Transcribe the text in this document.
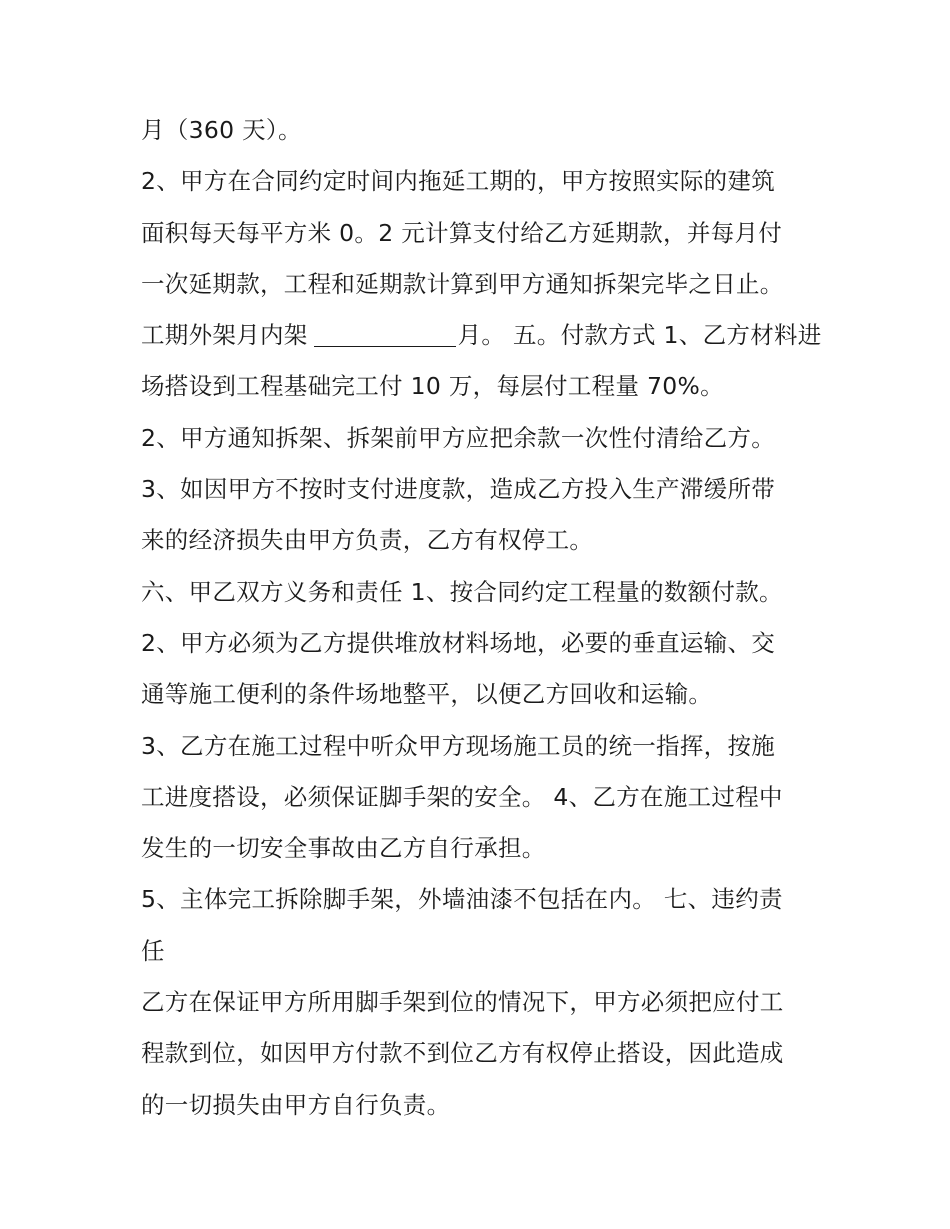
月（360 天）。
2、甲方在合同约定时间内拖延工期的，甲方按照实际的建筑
面积每天每平方米 0。2 元计算支付给乙方延期款，并每月付
一次延期款，工程和延期款计算到甲方通知拆架完毕之日止。
工期外架月内架	月。 五。付款方式 1、乙方材料进
场搭设到工程基础完工付 10 万，每层付工程量 70%。
2、甲方通知拆架、拆架前甲方应把余款一次性付清给乙方。
3、如因甲方不按时支付进度款，造成乙方投入生产滞缓所带
来的经济损失由甲方负责，乙方有权停工。
六、甲乙双方义务和责任 1、按合同约定工程量的数额付款。
2、甲方必须为乙方提供堆放材料场地，必要的垂直运输、交
通等施工便利的条件场地整平，以便乙方回收和运输。
3、乙方在施工过程中听众甲方现场施工员的统一指挥，按施
工进度搭设，必须保证脚手架的安全。 4、乙方在施工过程中
发生的一切安全事故由乙方自行承担。
5、主体完工拆除脚手架，外墙油漆不包括在内。 七、违约责
任
乙方在保证甲方所用脚手架到位的情况下，甲方必须把应付工
程款到位，如因甲方付款不到位乙方有权停止搭设，因此造成
的一切损失由甲方自行负责。
